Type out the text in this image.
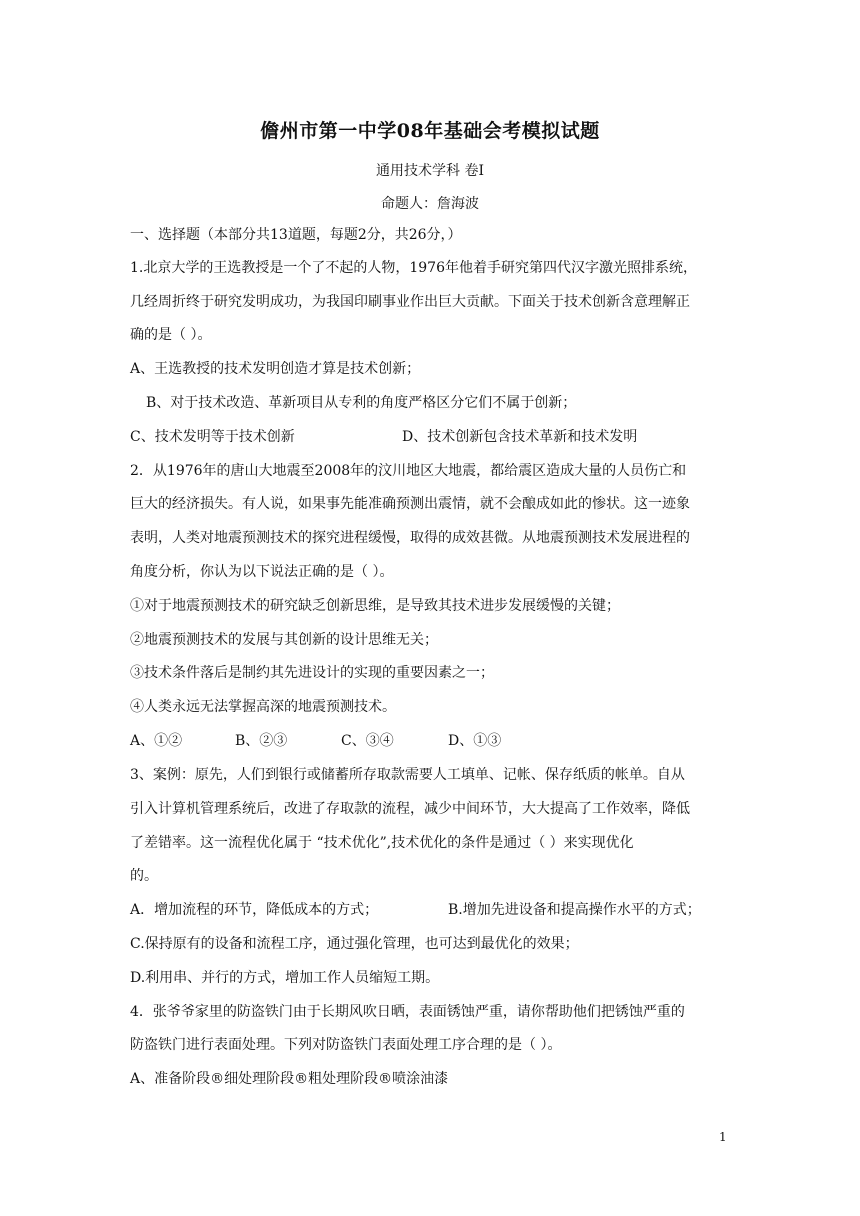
儋州市第一中学08年基础会考模拟试题
通用技术学科 卷Ⅰ
命题人：詹海波
一、选择题（本部分共13道题，每题2分，共26分，）
1.北京大学的王选教授是一个了不起的人物，1976年他着手研究第四代汉字激光照排系统，
几经周折终于研究发明成功，为我国印刷事业作出巨大贡献。下面关于技术创新含意理解正
确的是（ ）。
A、王选教授的技术发明创造才算是技术创新；
B、对于技术改造、革新项目从专利的角度严格区分它们不属于创新；
C、技术发明等于技术创新	D、技术创新包含技术革新和技术发明
2．从1976年的唐山大地震至2008年的汶川地区大地震，都给震区造成大量的人员伤亡和
巨大的经济损失。有人说，如果事先能准确预测出震情，就不会酿成如此的惨状。这一迹象
表明，人类对地震预测技术的探究进程缓慢，取得的成效甚微。从地震预测技术发展进程的
角度分析，你认为以下说法正确的是（ ）。
①对于地震预测技术的研究缺乏创新思维，是导致其技术进步发展缓慢的关键；
②地震预测技术的发展与其创新的设计思维无关；
③技术条件落后是制约其先进设计的实现的重要因素之一；
④人类永远无法掌握高深的地震预测技术。
A、①②	B、②③	C、③④	D、①③
3、案例：原先，人们到银行或储蓄所存取款需要人工填单、记帐、保存纸质的帐单。自从
引入计算机管理系统后，改进了存取款的流程，减少中间环节，大大提高了工作效率，降低
了差错率。这一流程优化属于 “技术优化”,技术优化的条件是通过（ ）来实现优化
的。
A．增加流程的环节，降低成本的方式；	B.增加先进设备和提高操作水平的方式；
C.保持原有的设备和流程工序，通过强化管理，也可达到最优化的效果；
D.利用串、并行的方式，增加工作人员缩短工期。
4．张爷爷家里的防盗铁门由于长期风吹日晒，表面锈蚀严重，请你帮助他们把锈蚀严重的
防盗铁门进行表面处理。下列对防盗铁门表面处理工序合理的是（ ）。
A、准备阶段®细处理阶段®粗处理阶段®喷涂油漆
1
